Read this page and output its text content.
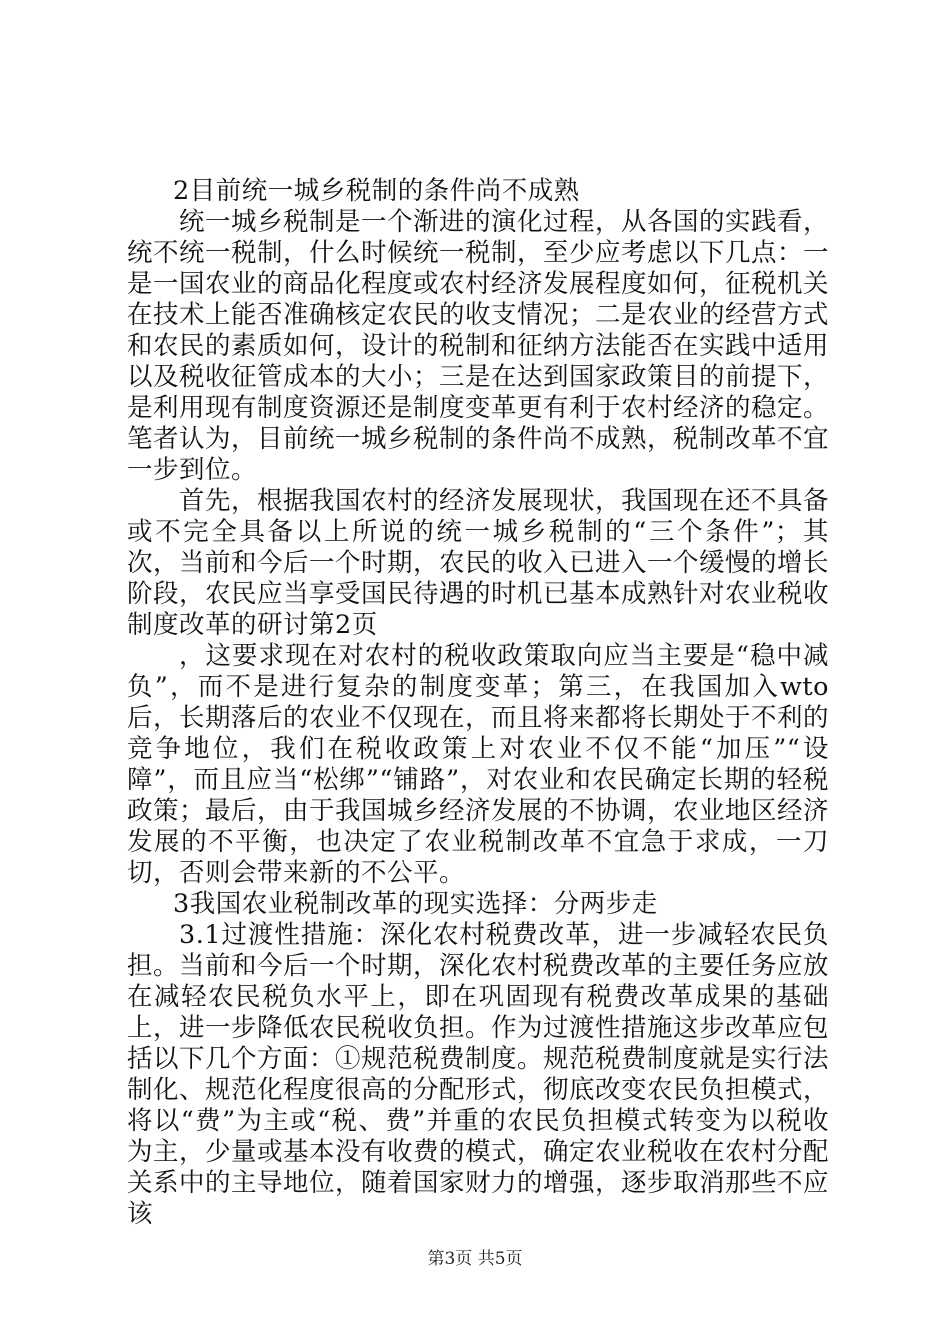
2目前统一城乡税制的条件尚不成熟

统一城乡税制是一个渐进的演化过程，从各国的实践看，统不统一税制，什么时候统一税制，至少应考虑以下几点：一是一国农业的商品化程度或农村经济发展程度如何，征税机关在技术上能否准确核定农民的收支情况；二是农业的经营方式和农民的素质如何，设计的税制和征纳方法能否在实践中适用以及税收征管成本的大小；三是在达到国家政策目的前提下，是利用现有制度资源还是制度变革更有利于农村经济的稳定。笔者认为，目前统一城乡税制的条件尚不成熟，税制改革不宜一步到位。

首先，根据我国农村的经济发展现状，我国现在还不具备或不完全具备以上所说的统一城乡税制的“三个条件”；其次，当前和今后一个时期，农民的收入已进入一个缓慢的增长阶段，农民应当享受国民待遇的时机已基本成熟针对农业税收制度改革的研讨第2页

，这要求现在对农村的税收政策取向应当主要是“稳中减负”，而不是进行复杂的制度变革；第三，在我国加入wto后，长期落后的农业不仅现在，而且将来都将长期处于不利的竞争地位，我们在税收政策上对农业不仅不能“加压”“设障”，而且应当“松绑”“铺路”，对农业和农民确定长期的轻税政策；最后，由于我国城乡经济发展的不协调，农业地区经济发展的不平衡，也决定了农业税制改革不宜急于求成，一刀切，否则会带来新的不公平。

3我国农业税制改革的现实选择：分两步走

3.1过渡性措施：深化农村税费改革，进一步减轻农民负担。当前和今后一个时期，深化农村税费改革的主要任务应放在减轻农民税负水平上，即在巩固现有税费改革成果的基础上，进一步降低农民税收负担。作为过渡性措施这步改革应包括以下几个方面：①规范税费制度。规范税费制度就是实行法制化、规范化程度很高的分配形式，彻底改变农民负担模式，将以“费”为主或“税、费”并重的农民负担模式转变为以税收为主，少量或基本没有收费的模式，确定农业税收在农村分配关系中的主导地位，随着国家财力的增强，逐步取消那些不应该

第3页 共5页
